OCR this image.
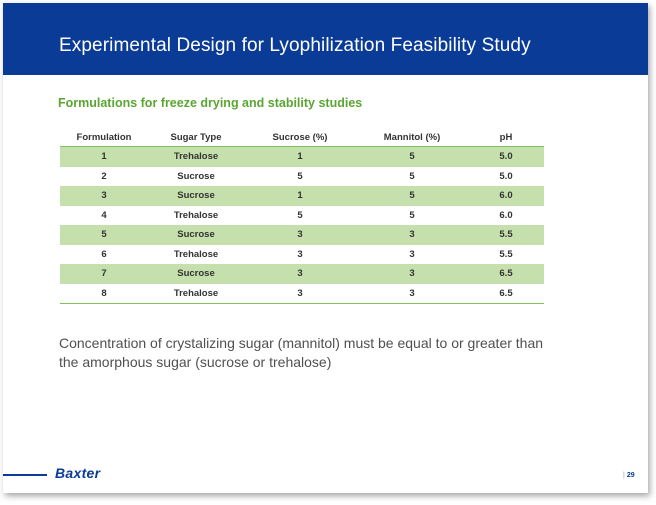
Experimental Design for Lyophilization Feasibility Study

Formulations for freeze drying and stability studies

Formulation	Sugar Type	Sucrose (%)	Mannitol (%)	pH
1	Trehalose	1	5	5.0
2	Sucrose	5	5	5.0
3	Sucrose	1	5	6.0
4	Trehalose	5	5	6.0
5	Sucrose	3	3	5.5
6	Trehalose	3	3	5.5
7	Sucrose	3	3	6.5
8	Trehalose	3	3	6.5

Concentration of crystalizing sugar (mannitol) must be equal to or greater than the amorphous sugar (sucrose or trehalose)

Baxter	| 29
